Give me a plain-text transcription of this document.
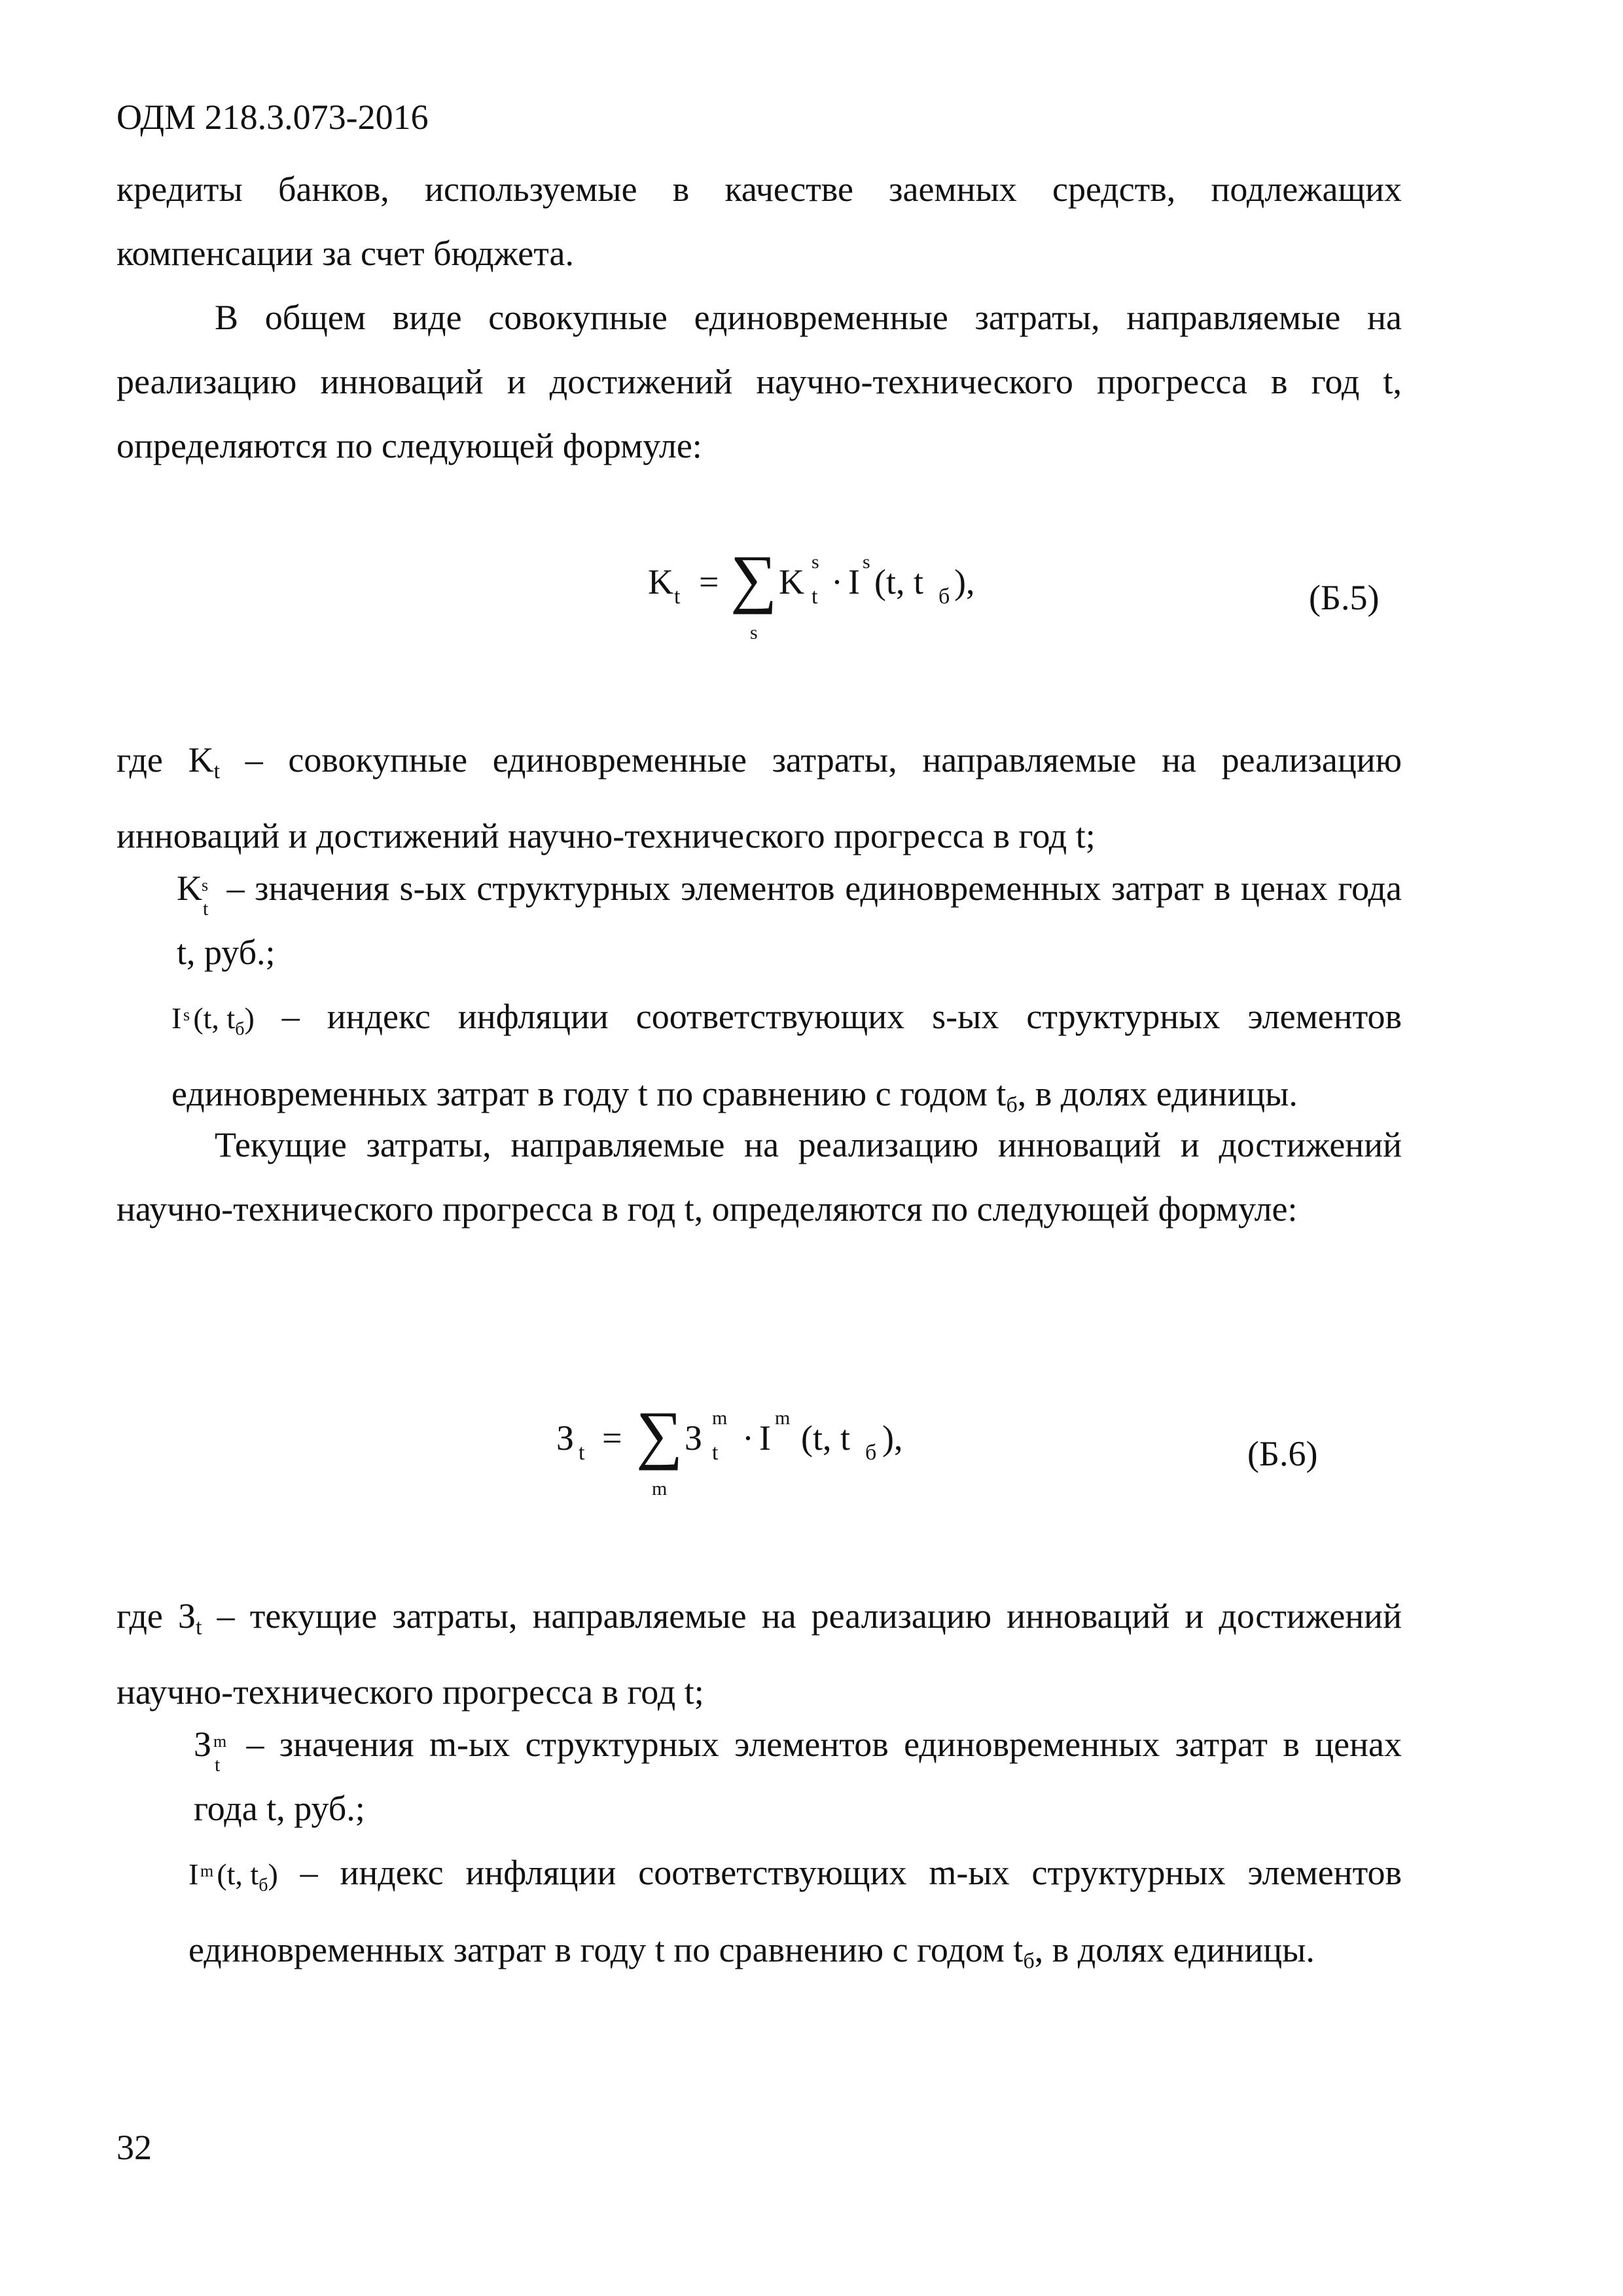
ОДМ 218.3.073-2016

кредиты банков, используемые в качестве заемных средств, подлежащих компенсации за счет бюджета.

В общем виде совокупные единовременные затраты, направляемые на реализацию инноваций и достижений научно-технического прогресса в год t, определяются по следующей формуле:

K t = ∑
s
K
s
t · I
s
(t, t б ),	(Б.5)

где Kt – совокупные единовременные затраты, направляемые на реализацию инноваций и достижений научно-технического прогресса в год t;

K s
t
– значения s-ых структурных элементов единовременных затрат в ценах года t, руб.;

I s (t, tб) – индекс инфляции соответствующих s-ых структурных элементов единовременных затрат в году t по сравнению с годом tб, в долях единицы.

Текущие затраты, направляемые на реализацию инноваций и достижений научно-технического прогресса в год t, определяются по следующей формуле:

З t = ∑
m
З
m
t · I
m
(t, t б ),	(Б.6)

где Зt – текущие затраты, направляемые на реализацию инноваций и достижений научно-технического прогресса в год t;

З m
t
– значения m-ых структурных элементов единовременных затрат в ценах года t, руб.;

I m (t, tб) – индекс инфляции соответствующих m-ых структурных элементов единовременных затрат в году t по сравнению с годом tб, в долях единицы.

32
